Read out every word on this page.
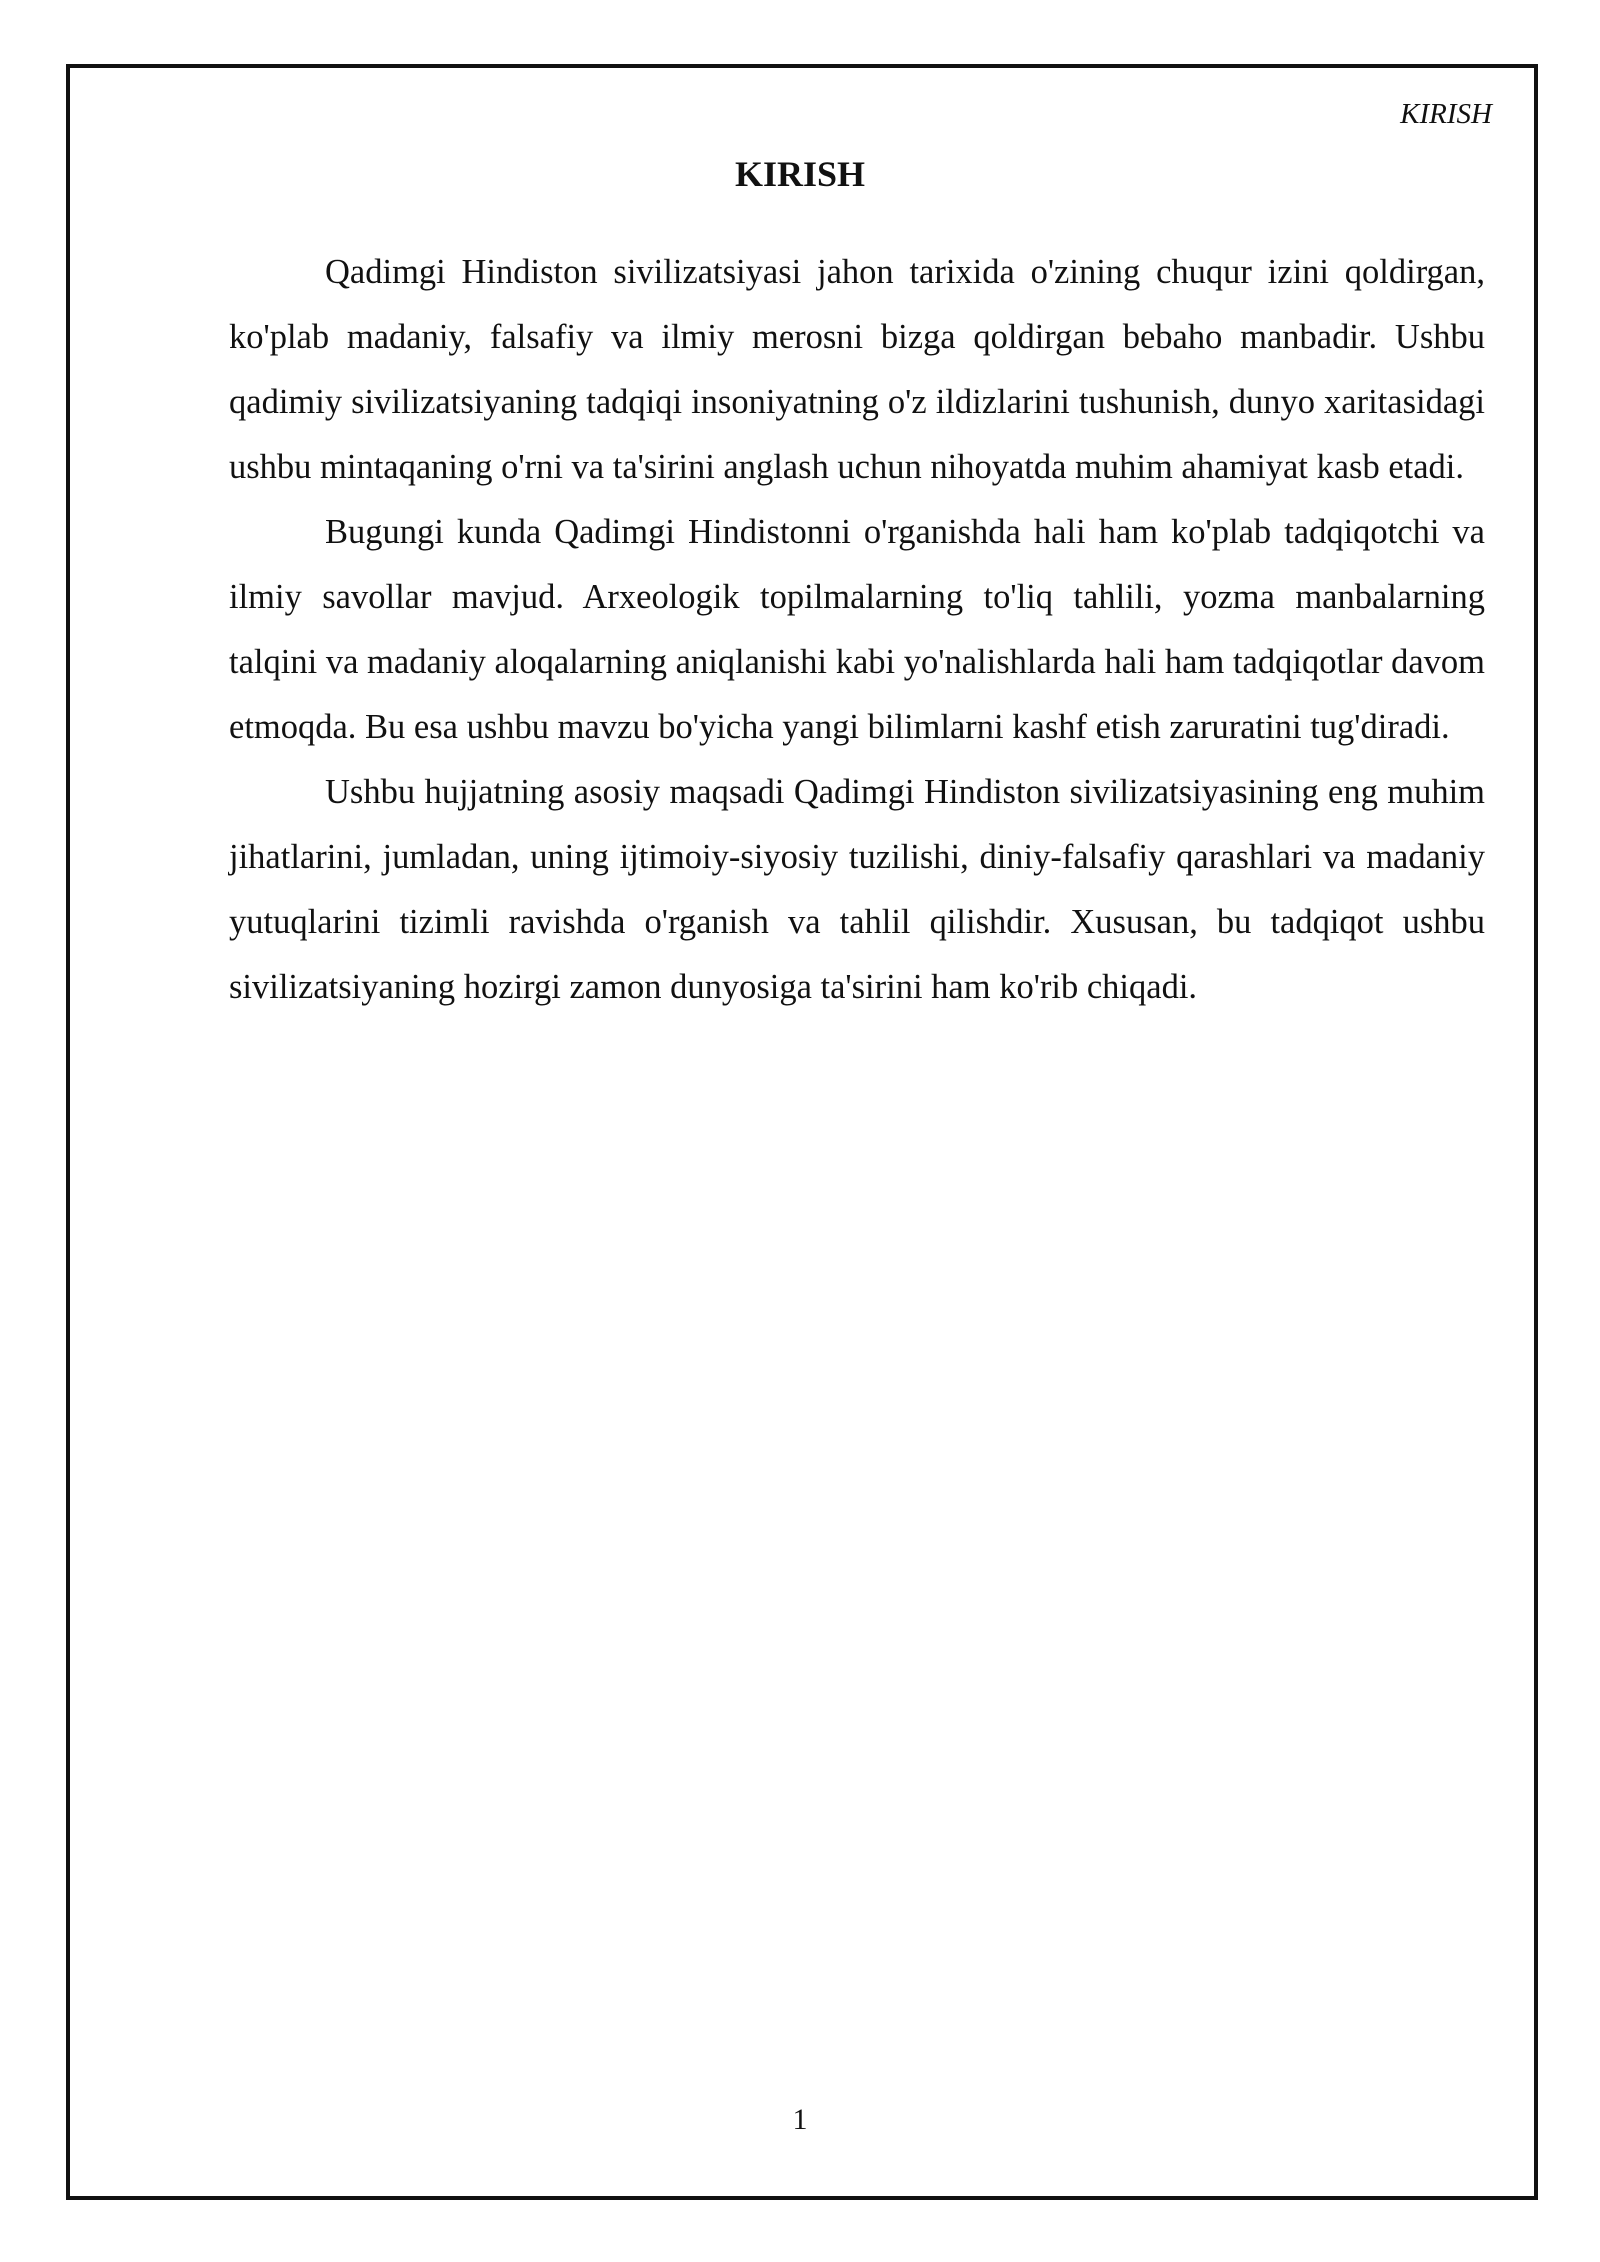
KIRISH

KIRISH

Qadimgi Hindiston sivilizatsiyasi jahon tarixida o'zining chuqur izini qoldirgan, ko'plab madaniy, falsafiy va ilmiy merosni bizga qoldirgan bebaho manbadir. Ushbu qadimiy sivilizatsiyaning tadqiqi insoniyatning o'z ildizlarini tushunish, dunyo xaritasidagi ushbu mintaqaning o'rni va ta'sirini anglash uchun nihoyatda muhim ahamiyat kasb etadi.

Bugungi kunda Qadimgi Hindistonni o'rganishda hali ham ko'plab tadqiqotchi va ilmiy savollar mavjud. Arxeologik topilmalarning to'liq tahlili, yozma manbalarning talqini va madaniy aloqalarning aniqlanishi kabi yo'nalishlarda hali ham tadqiqotlar davom etmoqda. Bu esa ushbu mavzu bo'yicha yangi bilimlarni kashf etish zaruratini tug'diradi.

Ushbu hujjatning asosiy maqsadi Qadimgi Hindiston sivilizatsiyasining eng muhim jihatlarini, jumladan, uning ijtimoiy-siyosiy tuzilishi, diniy-falsafiy qarashlari va madaniy yutuqlarini tizimli ravishda o'rganish va tahlil qilishdir. Xususan, bu tadqiqot ushbu sivilizatsiyaning hozirgi zamon dunyosiga ta'sirini ham ko'rib chiqadi.

1
